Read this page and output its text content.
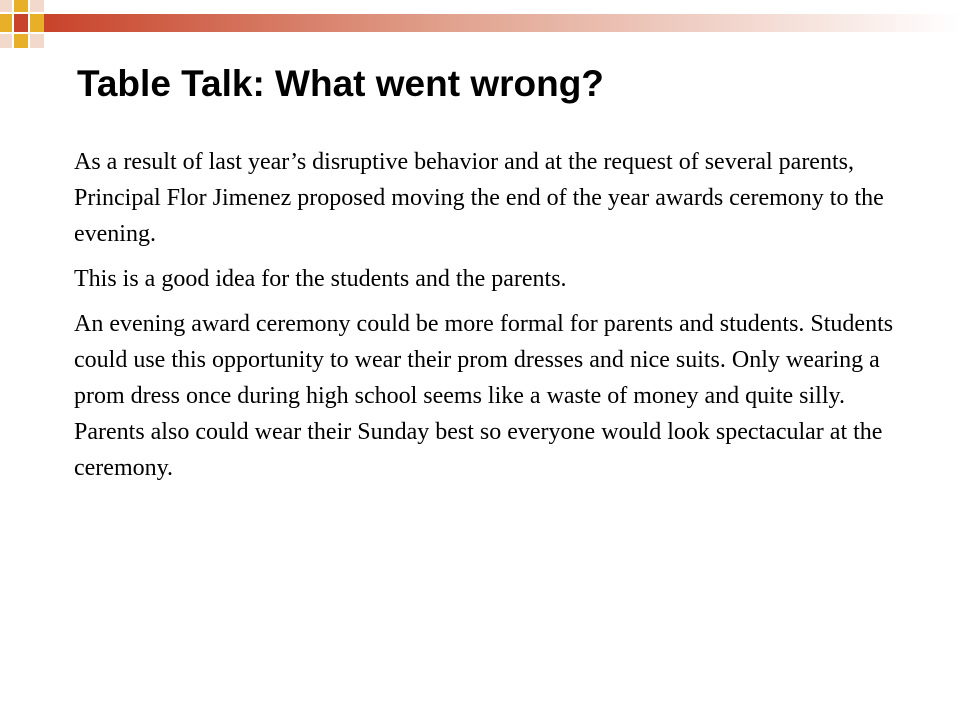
Table Talk: What went wrong?

As a result of last year’s disruptive behavior and at the request of several parents, Principal Flor Jimenez proposed moving the end of the year awards ceremony to the evening.

This is a good idea for the students and the parents.

An evening award ceremony could be more formal for parents and students. Students could use this opportunity to wear their prom dresses and nice suits. Only wearing a prom dress once during high school seems like a waste of money and quite silly. Parents also could wear their Sunday best so everyone would look spectacular at the ceremony.
